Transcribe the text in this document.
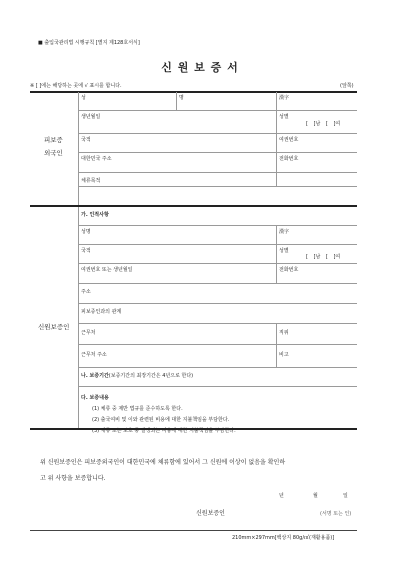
■ 출입국관리법 시행규칙 [별지 제128호서식]
신 원 보 증 서
※ [ ]에는 해당하는 곳에 √ 표시를 합니다.	(앞쪽)
피보증
외국인
성	명	漢字
생년월일	성별
[ ]남 [ ]여
국적	여권번호
대한민국 주소	전화번호
체류목적
신원보증인
가. 인적사항
성명	漢字
국적	성별
[ ]남 [ ]여
여권번호 또는 생년월일	전화번호
주소
피보증인과의 관계
근무처	직위
근무처 주소	비고
나. 보증기간(보증기간의 최장기간은 4년으로 한다)
다. 보증내용
(1) 체류 중 제반 법규를 준수하도록 한다.
(2) 출국여비 및 이와 관련된 비용에 대한 지불책임을 부담한다.
(3) 체류 또는 보호 중 발생되는 비용에 대한 지불책임을 부담한다.
위 신원보증인은 피보증외국인이 대한민국에 체류함에 있어서 그 신원에 이상이 없음을 확인하
고 위 사항을 보증합니다.
년	월	일
신원보증인	(서명 또는 인)
210mm×297mm[백상지 80g/㎡(재활용품)]
